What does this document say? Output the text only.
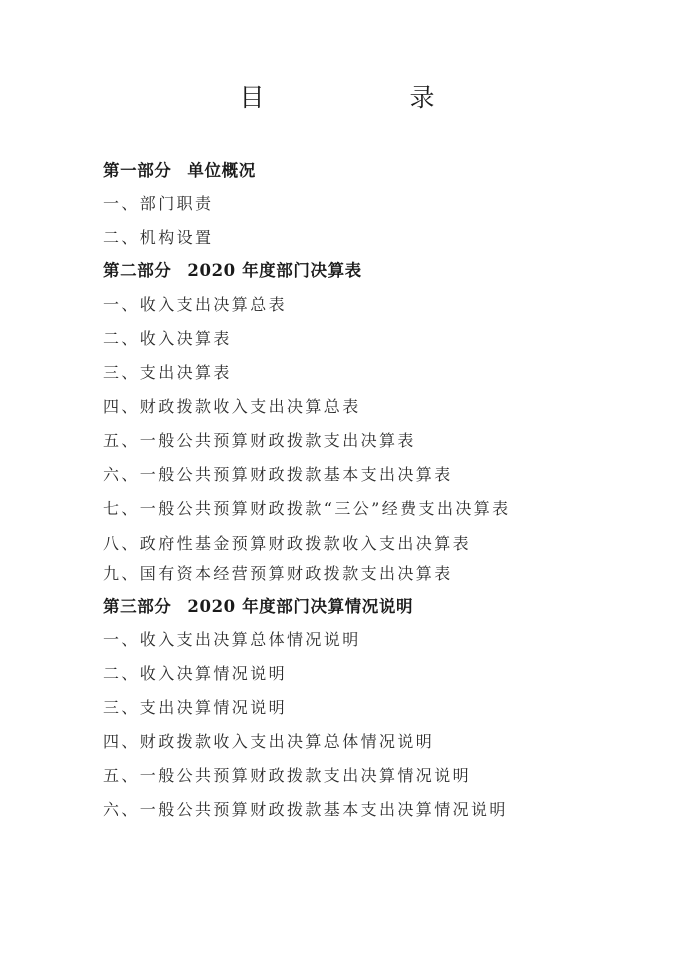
目　录
第一部分 单位概况
一、部门职责
二、机构设置
第二部分 2020 年度部门决算表
一、收入支出决算总表
二、收入决算表
三、支出决算表
四、财政拨款收入支出决算总表
五、一般公共预算财政拨款支出决算表
六、一般公共预算财政拨款基本支出决算表
七、一般公共预算财政拨款“三公”经费支出决算表
八、政府性基金预算财政拨款收入支出决算表
九、国有资本经营预算财政拨款支出决算表
第三部分 2020 年度部门决算情况说明
一、收入支出决算总体情况说明
二、收入决算情况说明
三、支出决算情况说明
四、财政拨款收入支出决算总体情况说明
五、一般公共预算财政拨款支出决算情况说明
六、一般公共预算财政拨款基本支出决算情况说明
